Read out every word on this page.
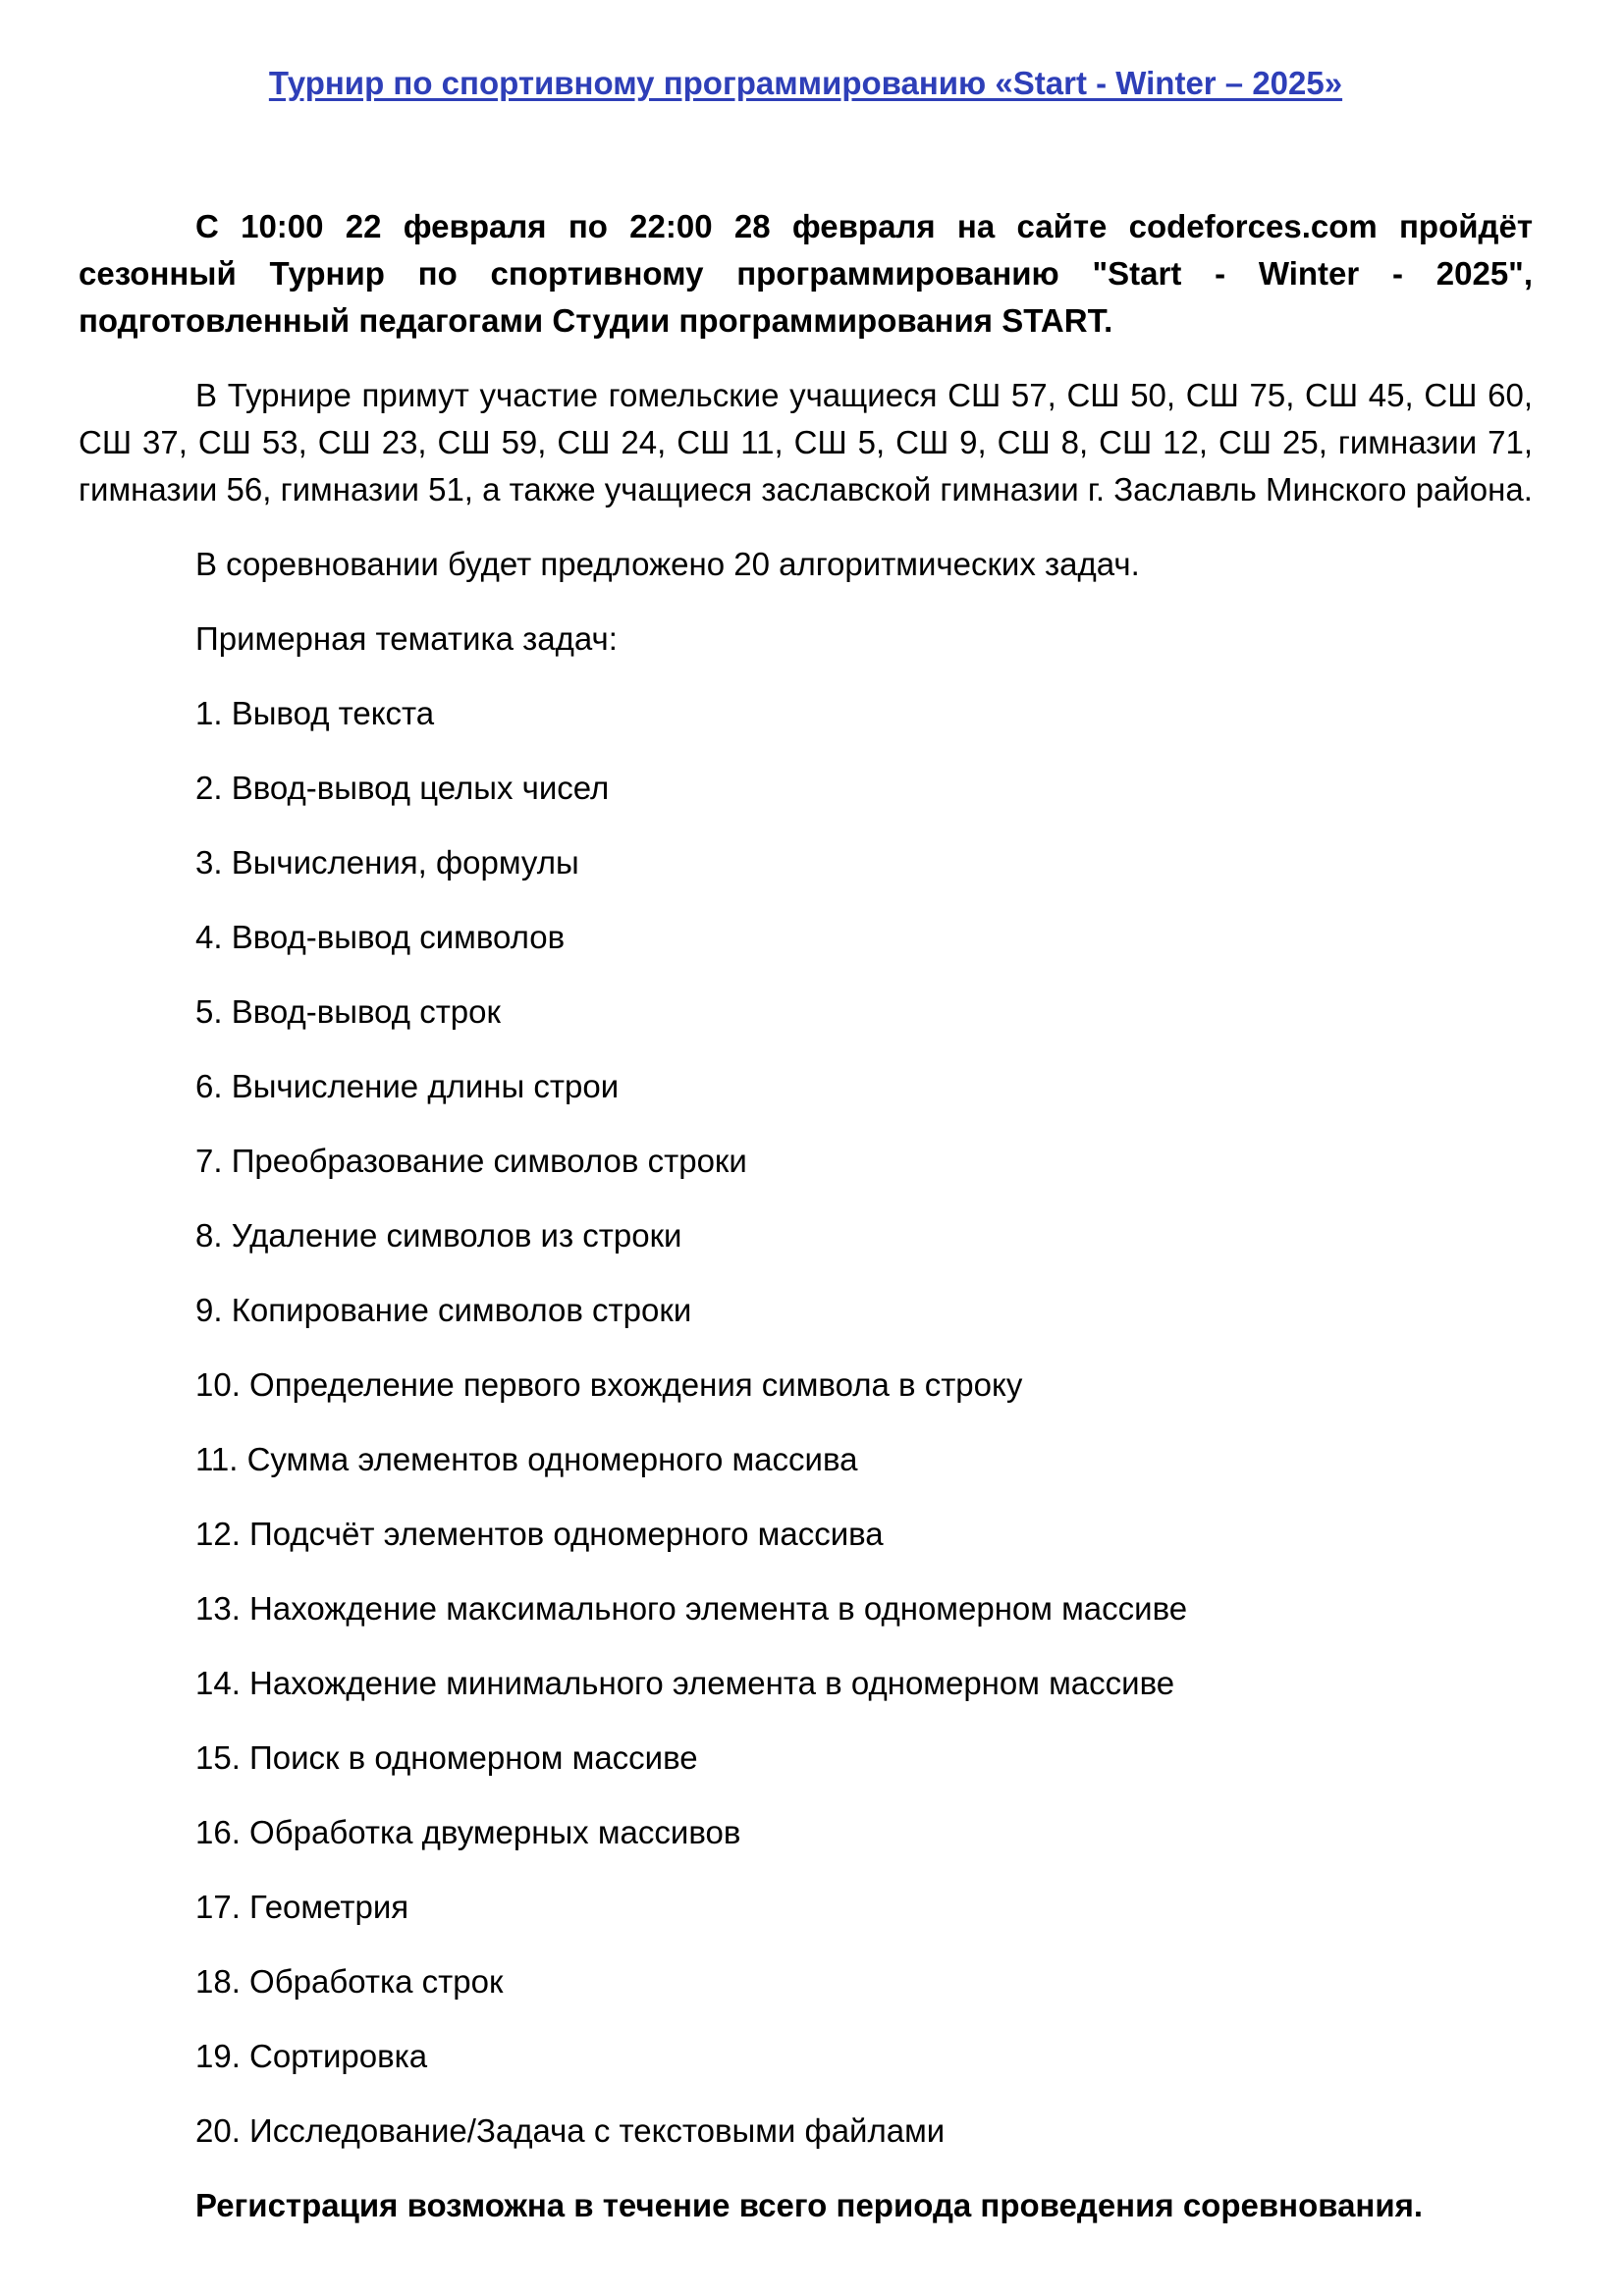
Турнир по спортивному программированию «Start - Winter – 2025»

С 10:00 22 февраля по 22:00 28 февраля на сайте codeforces.com пройдёт сезонный Турнир по спортивному программированию "Start - Winter - 2025", подготовленный педагогами Студии программирования START.

В Турнире примут участие гомельские учащиеся СШ 57, СШ 50, СШ 75, СШ 45, СШ 60, СШ 37, СШ 53, СШ 23, СШ 59, СШ 24, СШ 11, СШ 5, СШ 9, СШ 8, СШ 12, СШ 25, гимназии 71, гимназии 56, гимназии 51, а также учащиеся заславской гимназии г. Заславль Минского района.

В соревновании будет предложено 20 алгоритмических задач.

Примерная тематика задач:

1. Вывод текста
2. Ввод-вывод целых чисел
3. Вычисления, формулы
4. Ввод-вывод символов
5. Ввод-вывод строк
6. Вычисление длины строи
7. Преобразование символов строки
8. Удаление символов из строки
9. Копирование символов строки
10. Определение первого вхождения символа в строку
11. Сумма элементов одномерного массива
12. Подсчёт элементов одномерного массива
13. Нахождение максимального элемента в одномерном массиве
14. Нахождение минимального элемента в одномерном массиве
15. Поиск в одномерном массиве
16. Обработка двумерных массивов
17. Геометрия
18. Обработка строк
19. Сортировка
20. Исследование/Задача с текстовыми файлами

Регистрация возможна в течение всего периода проведения соревнования.
